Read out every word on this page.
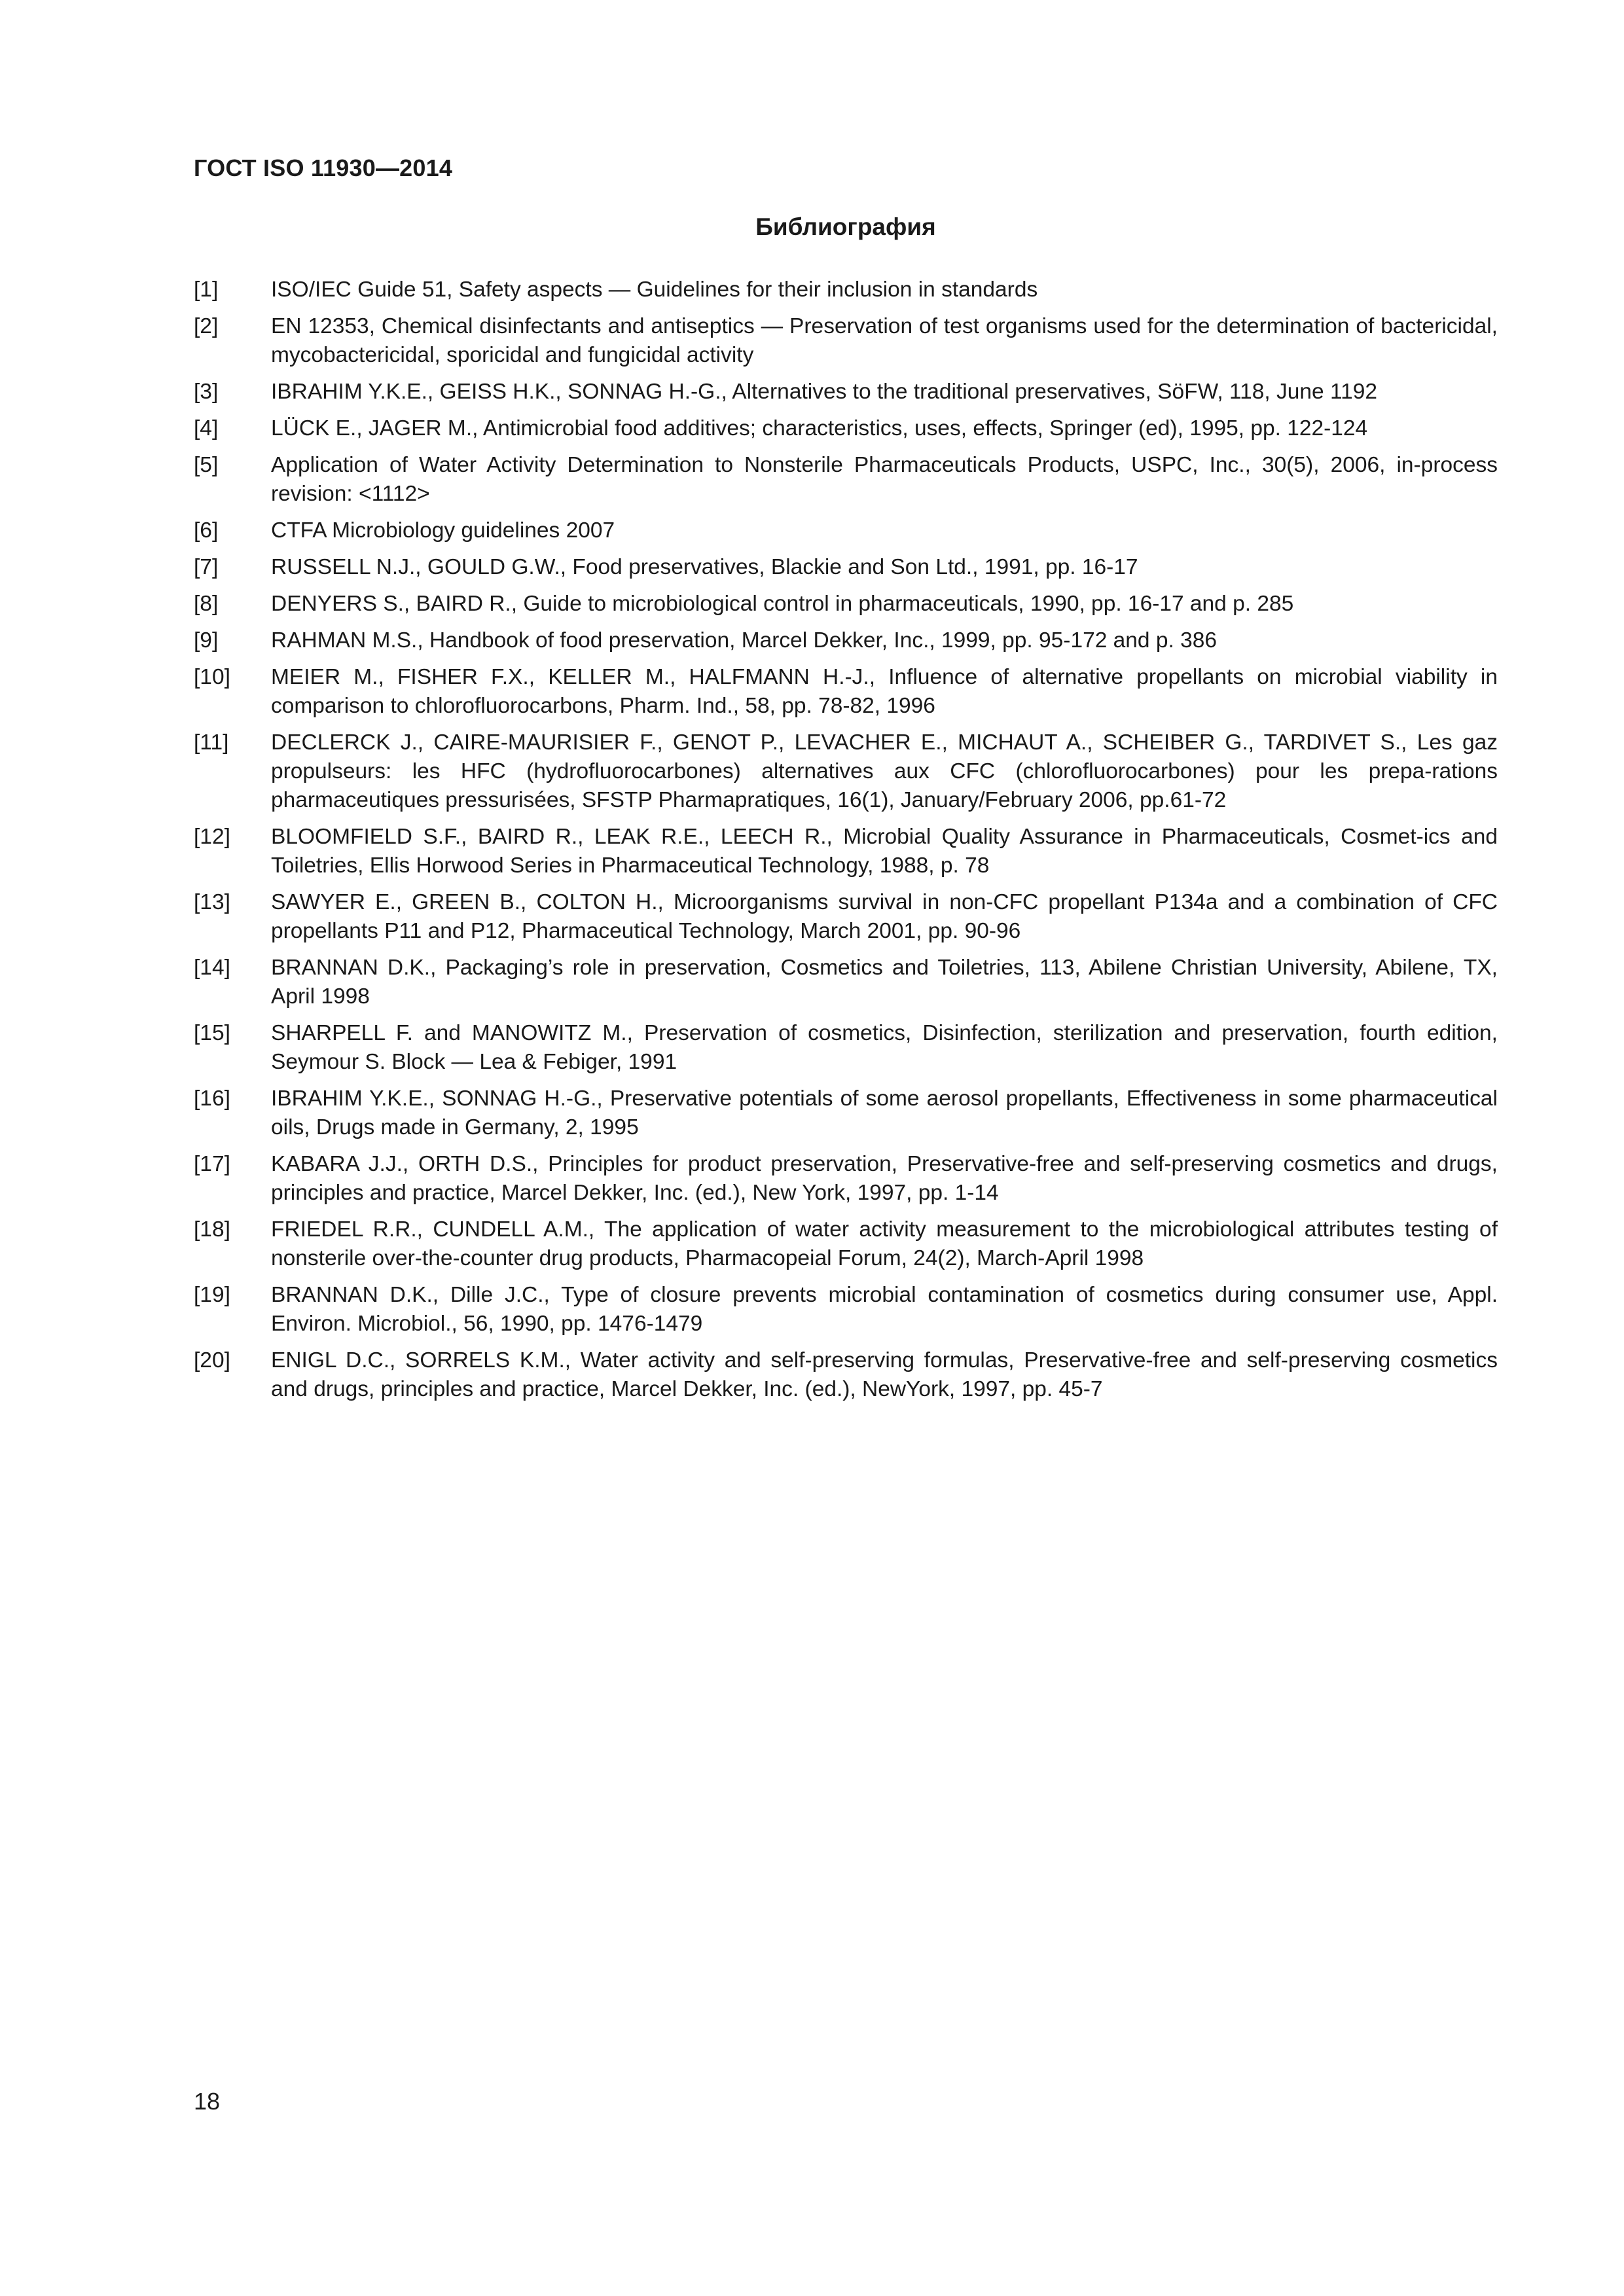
ГОСТ ISO 11930—2014
Библиография
[1]	ISO/IEC Guide 51, Safety aspects — Guidelines for their inclusion in standards
[2]	EN 12353, Chemical disinfectants and antiseptics — Preservation of test organisms used for the determination of bactericidal, mycobactericidal, sporicidal and fungicidal activity
[3]	IBRAHIM Y.K.E., GEISS H.K., SONNAG H.-G., Alternatives to the traditional preservatives, SöFW, 118, June 1192
[4]	LÜCK E., JAGER M., Antimicrobial food additives; characteristics, uses, effects, Springer (ed), 1995, pp. 122-124
[5]	Application of Water Activity Determination to Nonsterile Pharmaceuticals Products, USPC, Inc., 30(5), 2006, in-process revision: <1112>
[6]	CTFA Microbiology guidelines 2007
[7]	RUSSELL N.J., GOULD G.W., Food preservatives, Blackie and Son Ltd., 1991, pp. 16-17
[8]	DENYERS S., BAIRD R., Guide to microbiological control in pharmaceuticals, 1990, pp. 16-17 and p. 285
[9]	RAHMAN M.S., Handbook of food preservation, Marcel Dekker, Inc., 1999, pp. 95-172 and p. 386
[10]	MEIER M., FISHER F.X., KELLER M., HALFMANN H.-J., Influence of alternative propellants on microbial viability in comparison to chlorofluorocarbons, Pharm. Ind., 58, pp. 78-82, 1996
[11]	DECLERCK J., CAIRE-MAURISIER F., GENOT P., LEVACHER E., MICHAUT A., SCHEIBER G., TARDIVET S., Les gaz propulseurs: les HFC (hydrofluorocarbones) alternatives aux CFC (chlorofluorocarbones) pour les prepa-rations pharmaceutiques pressurisées, SFSTP Pharmapratiques, 16(1), January/February 2006, pp.61-72
[12]	BLOOMFIELD S.F., BAIRD R., LEAK R.E., LEECH R., Microbial Quality Assurance in Pharmaceuticals, Cosmet-ics and Toiletries, Ellis Horwood Series in Pharmaceutical Technology, 1988, p. 78
[13]	SAWYER E., GREEN B., COLTON H., Microorganisms survival in non-CFC propellant P134a and a combination of CFC propellants P11 and P12, Pharmaceutical Technology, March 2001, pp. 90-96
[14]	BRANNAN D.K., Packaging’s role in preservation, Cosmetics and Toiletries, 113, Abilene Christian University, Abilene, TX, April 1998
[15]	SHARPELL F. and MANOWITZ M., Preservation of cosmetics, Disinfection, sterilization and preservation, fourth edition, Seymour S. Block — Lea & Febiger, 1991
[16]	IBRAHIM Y.K.E., SONNAG H.-G., Preservative potentials of some aerosol propellants, Effectiveness in some pharmaceutical oils, Drugs made in Germany, 2, 1995
[17]	KABARA J.J., ORTH D.S., Principles for product preservation, Preservative-free and self-preserving cosmetics and drugs, principles and practice, Marcel Dekker, Inc. (ed.), New York, 1997, pp. 1-14
[18]	FRIEDEL R.R., CUNDELL A.M., The application of water activity measurement to the microbiological attributes testing of nonsterile over-the-counter drug products, Pharmacopeial Forum, 24(2), March-April 1998
[19]	BRANNAN D.K., Dille J.C., Type of closure prevents microbial contamination of cosmetics during consumer use, Appl. Environ. Microbiol., 56, 1990, pp. 1476-1479
[20]	ENIGL D.C., SORRELS K.M., Water activity and self-preserving formulas, Preservative-free and self-preserving cosmetics and drugs, principles and practice, Marcel Dekker, Inc. (ed.), NewYork, 1997, pp. 45-7
18
